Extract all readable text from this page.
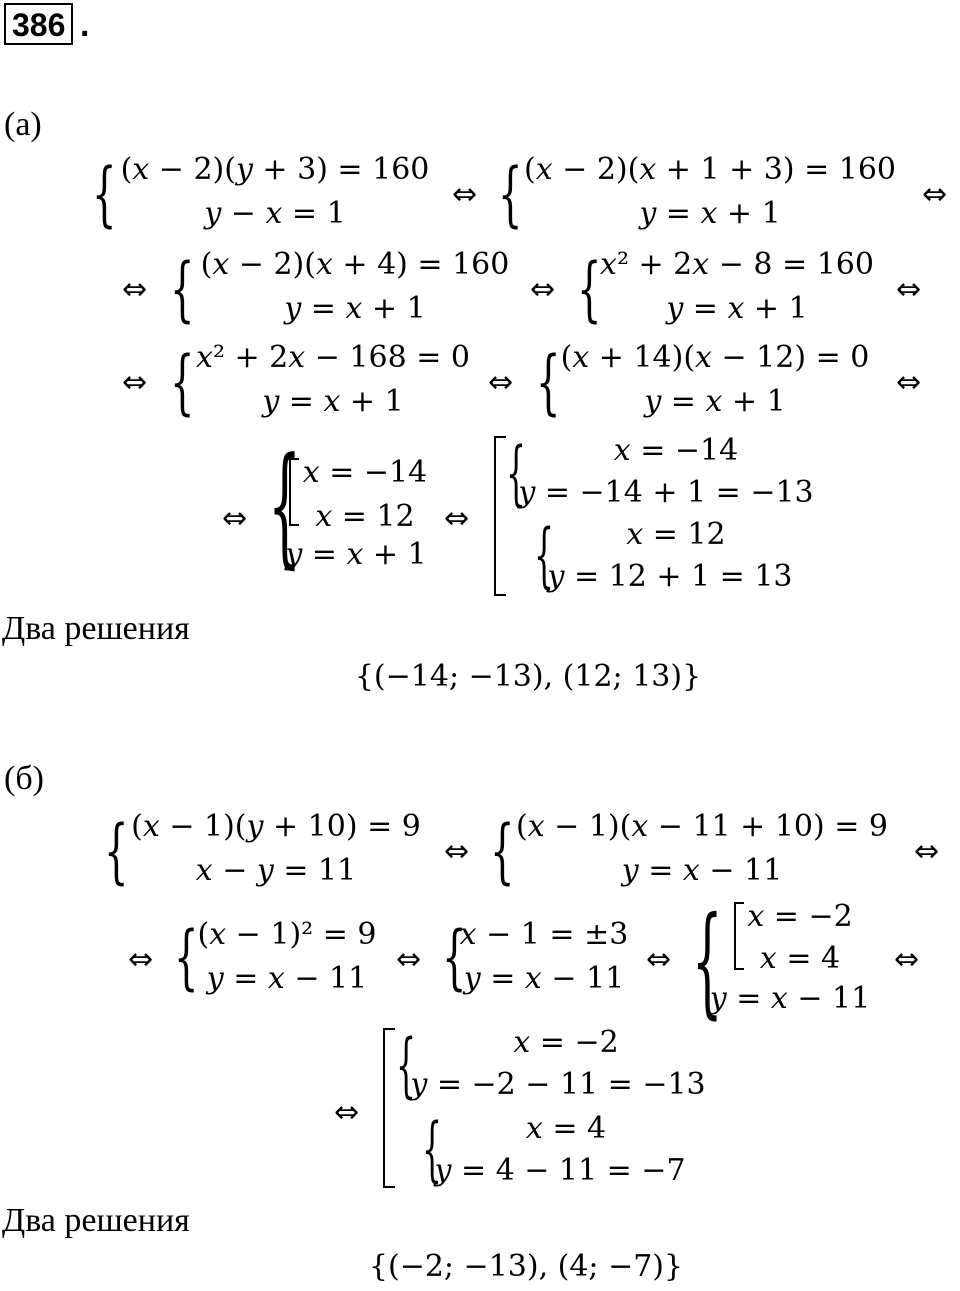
386 .
(а)
{ (𝑥 − 2)(𝑦 + 3) = 160
𝑦 − 𝑥 = 1
⇔ { (𝑥 − 2)(𝑥 + 1 + 3) = 160
𝑦 = 𝑥 + 1
⇔
⇔ { (𝑥 − 2)(𝑥 + 4) = 160
𝑦 = 𝑥 + 1
⇔ {
𝑥² + 2𝑥 − 8 = 160
𝑦 = 𝑥 + 1
⇔
⇔ { 𝑥² + 2𝑥 − 168 = 0
𝑦 = 𝑥 + 1
⇔ { (𝑥 + 14)(𝑥 − 12) = 0
𝑦 = 𝑥 + 1
⇔
⇔ { 𝑥 = −14
𝑥 = 12
𝑦 = 𝑥 + 1
⇔
{	𝑥 = −14
𝑦 = −14 + 1 = −13
{ 𝑥 = 12
𝑦 = 12 + 1 = 13
Два решения
{(−14; −13), (12; 13)}
(б)
{ (𝑥 − 1)(𝑦 + 10) = 9
𝑥 − 𝑦 = 11
⇔ { (𝑥 − 1)(𝑥 − 11 + 10) = 9
𝑦 = 𝑥 − 11
⇔
⇔ { (𝑥 − 1)² = 9
𝑦 = 𝑥 − 11
⇔ {
𝑥 − 1 = ±3
𝑦 = 𝑥 − 11
⇔ { 𝑥 = −2
𝑥 = 4
𝑦 = 𝑥 − 11
⇔
⇔
{	𝑥 = −2
𝑦 = −2 − 11 = −13
{	𝑥 = 4
𝑦 = 4 − 11 = −7
Два решения
{(−2; −13), (4; −7)}
